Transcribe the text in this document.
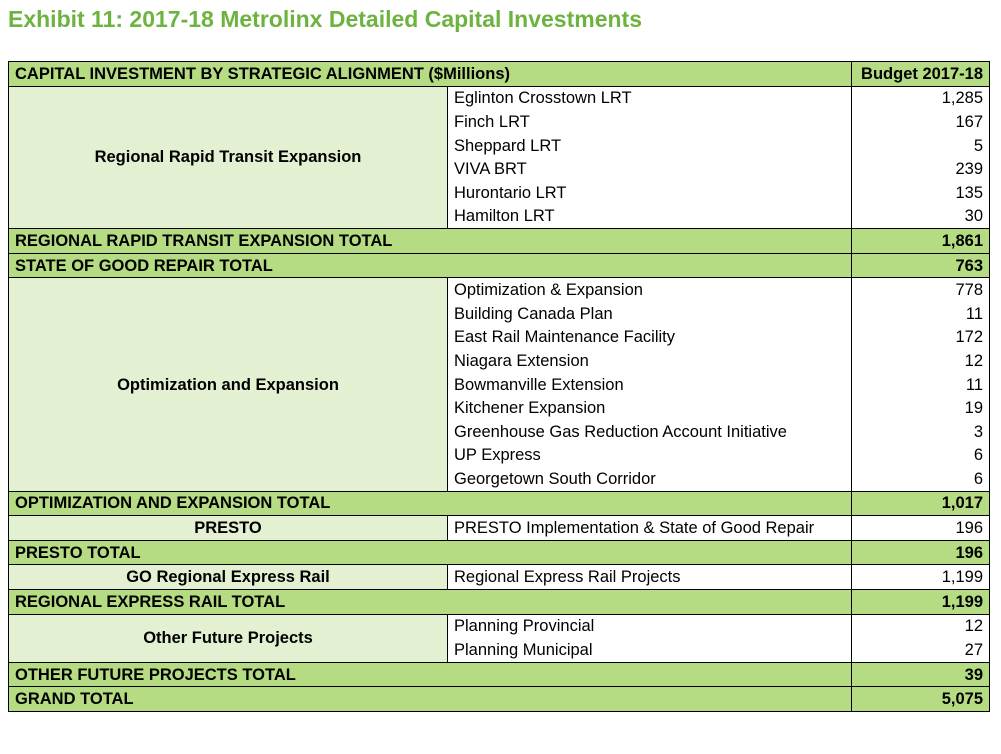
Exhibit 11: 2017-18 Metrolinx Detailed Capital Investments
CAPITAL INVESTMENT BY STRATEGIC ALIGNMENT ($Millions)		Budget 2017-18
Regional Rapid Transit Expansion	Eglinton Crosstown LRT	1,285
	Finch LRT	167
	Sheppard LRT	5
	VIVA BRT	239
	Hurontario LRT	135
	Hamilton LRT	30
REGIONAL RAPID TRANSIT EXPANSION TOTAL		1,861
STATE OF GOOD REPAIR TOTAL		763
Optimization and Expansion	Optimization & Expansion	778
	Building Canada Plan	11
	East Rail Maintenance Facility	172
	Niagara Extension	12
	Bowmanville Extension	11
	Kitchener Expansion	19
	Greenhouse Gas Reduction Account Initiative	3
	UP Express	6
	Georgetown South Corridor	6
OPTIMIZATION AND EXPANSION TOTAL		1,017
PRESTO	PRESTO Implementation & State of Good Repair	196
PRESTO TOTAL		196
GO Regional Express Rail	Regional Express Rail Projects	1,199
REGIONAL EXPRESS RAIL TOTAL		1,199
Other Future Projects	Planning Provincial	12
	Planning Municipal	27
OTHER FUTURE PROJECTS TOTAL		39
GRAND TOTAL		5,075
